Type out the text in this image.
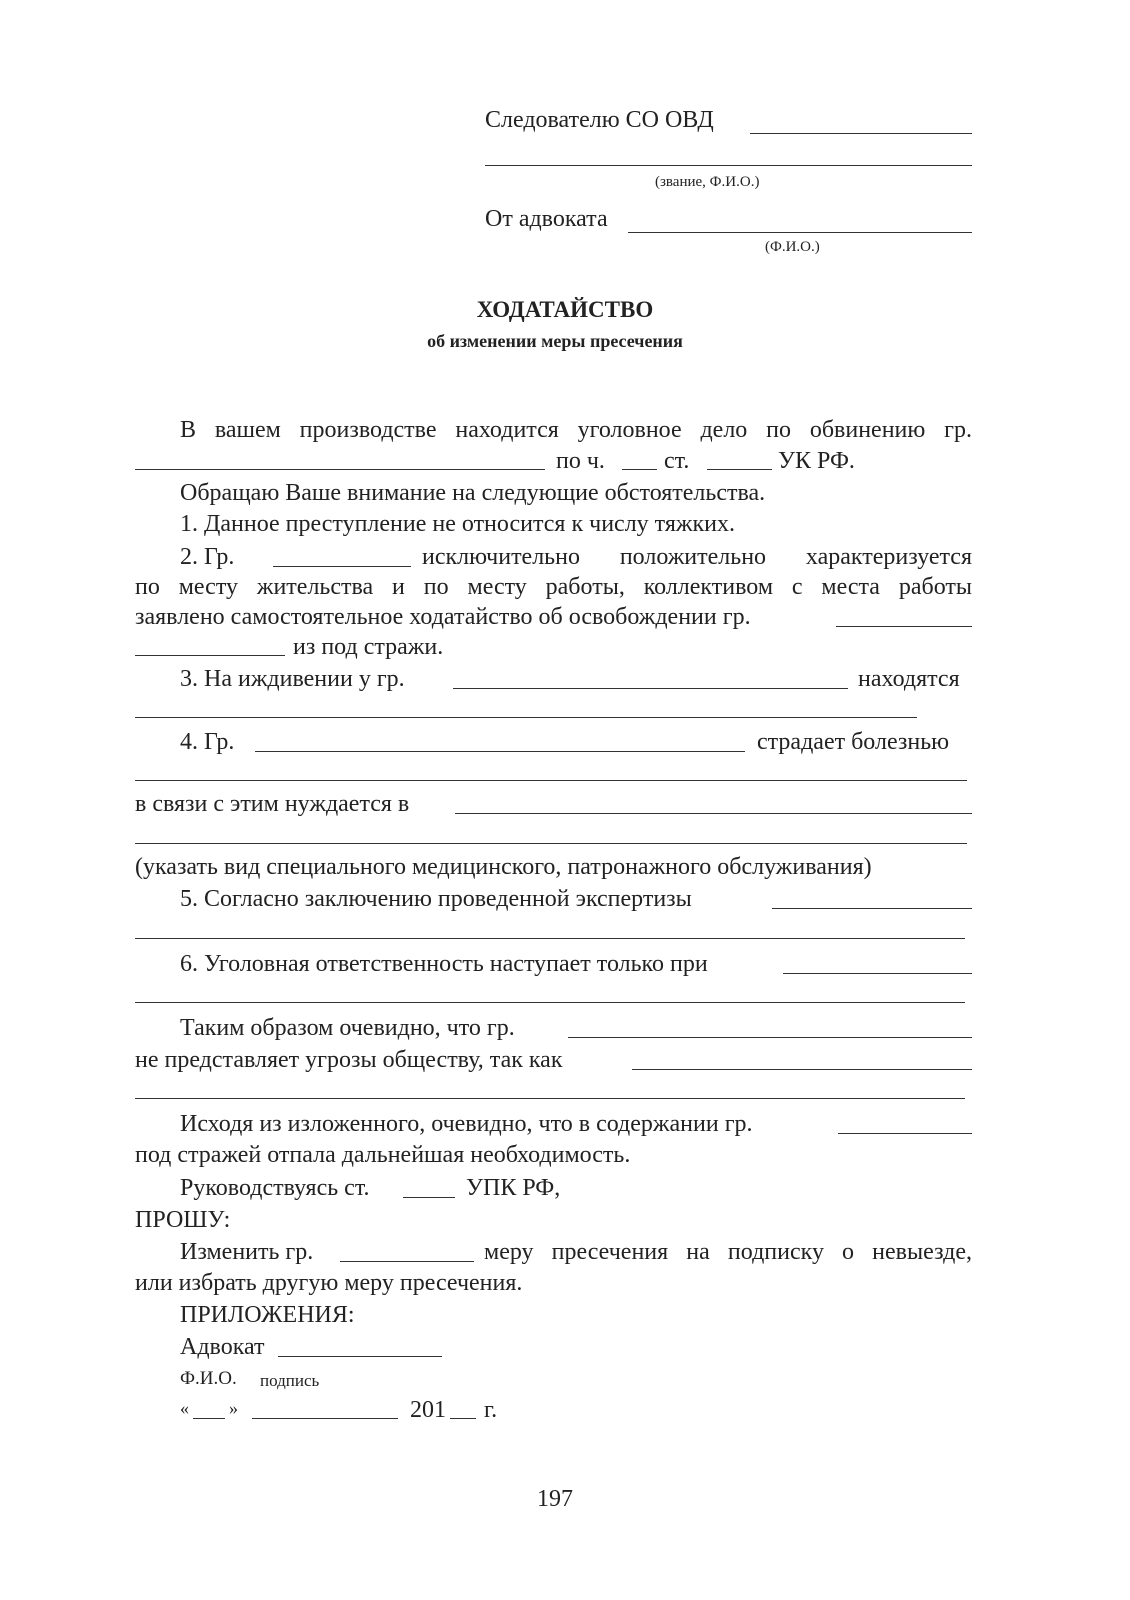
Следователю СО ОВД
(звание, Ф.И.О.)
От адвоката
(Ф.И.О.)
ХОДАТАЙСТВО
об изменении меры пресечения
В вашем производстве находится уголовное дело по обвинению гр.
по ч. ст.	УК РФ.
Обращаю Ваше внимание на следующие обстоятельства.
1. Данное преступление не относится к числу тяжких.
2. Гр.	исключительно положительно характеризуется
по месту жительства и по месту работы, коллективом с места работы
заявлено самостоятельное ходатайство об освобождении гр.
из под стражи.
3. На иждивении у гр.	находятся
4. Гр.	страдает болезнью
в связи с этим нуждается в
(указать вид специального медицинского, патронажного обслуживания)
5. Согласно заключению проведенной экспертизы
6. Уголовная ответственность наступает только при
Таким образом очевидно, что гр.
не представляет угрозы обществу, так как
Исходя из изложенного, очевидно, что в содержании гр.
под стражей отпала дальнейшая необходимость.
Руководствуясь ст.	УПК РФ,
ПРОШУ:
Изменить гр.	меру пресечения на подписку о невыезде,
или избрать другую меру пресечения.
ПРИЛОЖЕНИЯ:
Адвокат
Ф.И.О. подпись
« »	201 г.
197
